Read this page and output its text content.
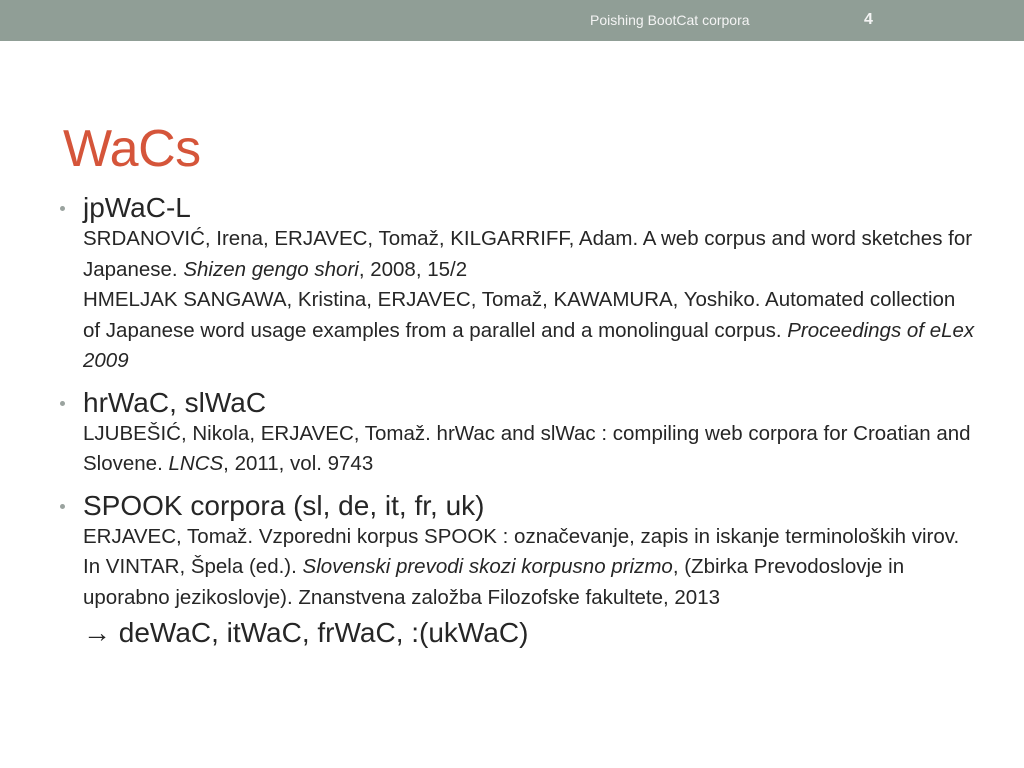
Poishing BootCat corpora	4
WaCs
jpWaC-L
SRDANOVIĆ, Irena, ERJAVEC, Tomaž, KILGARRIFF, Adam. A web corpus and word sketches for Japanese. Shizen gengo shori, 2008, 15/2
HMELJAK SANGAWA, Kristina, ERJAVEC, Tomaž, KAWAMURA, Yoshiko. Automated collection of Japanese word usage examples from a parallel and a monolingual corpus. Proceedings of eLex 2009
hrWaC, slWaC
LJUBEŠIĆ, Nikola, ERJAVEC, Tomaž. hrWac and slWac : compiling web corpora for Croatian and Slovene. LNCS, 2011, vol. 9743
SPOOK corpora (sl, de, it, fr, uk)
ERJAVEC, Tomaž. Vzporedni korpus SPOOK : označevanje, zapis in iskanje terminoloških virov. In VINTAR, Špela (ed.). Slovenski prevodi skozi korpusno prizmo, (Zbirka Prevodoslovje in uporabno jezikoslovje). Znanstvena založba Filozofske fakultete, 2013
→ deWaC, itWaC, frWaC, :(ukWaC)
